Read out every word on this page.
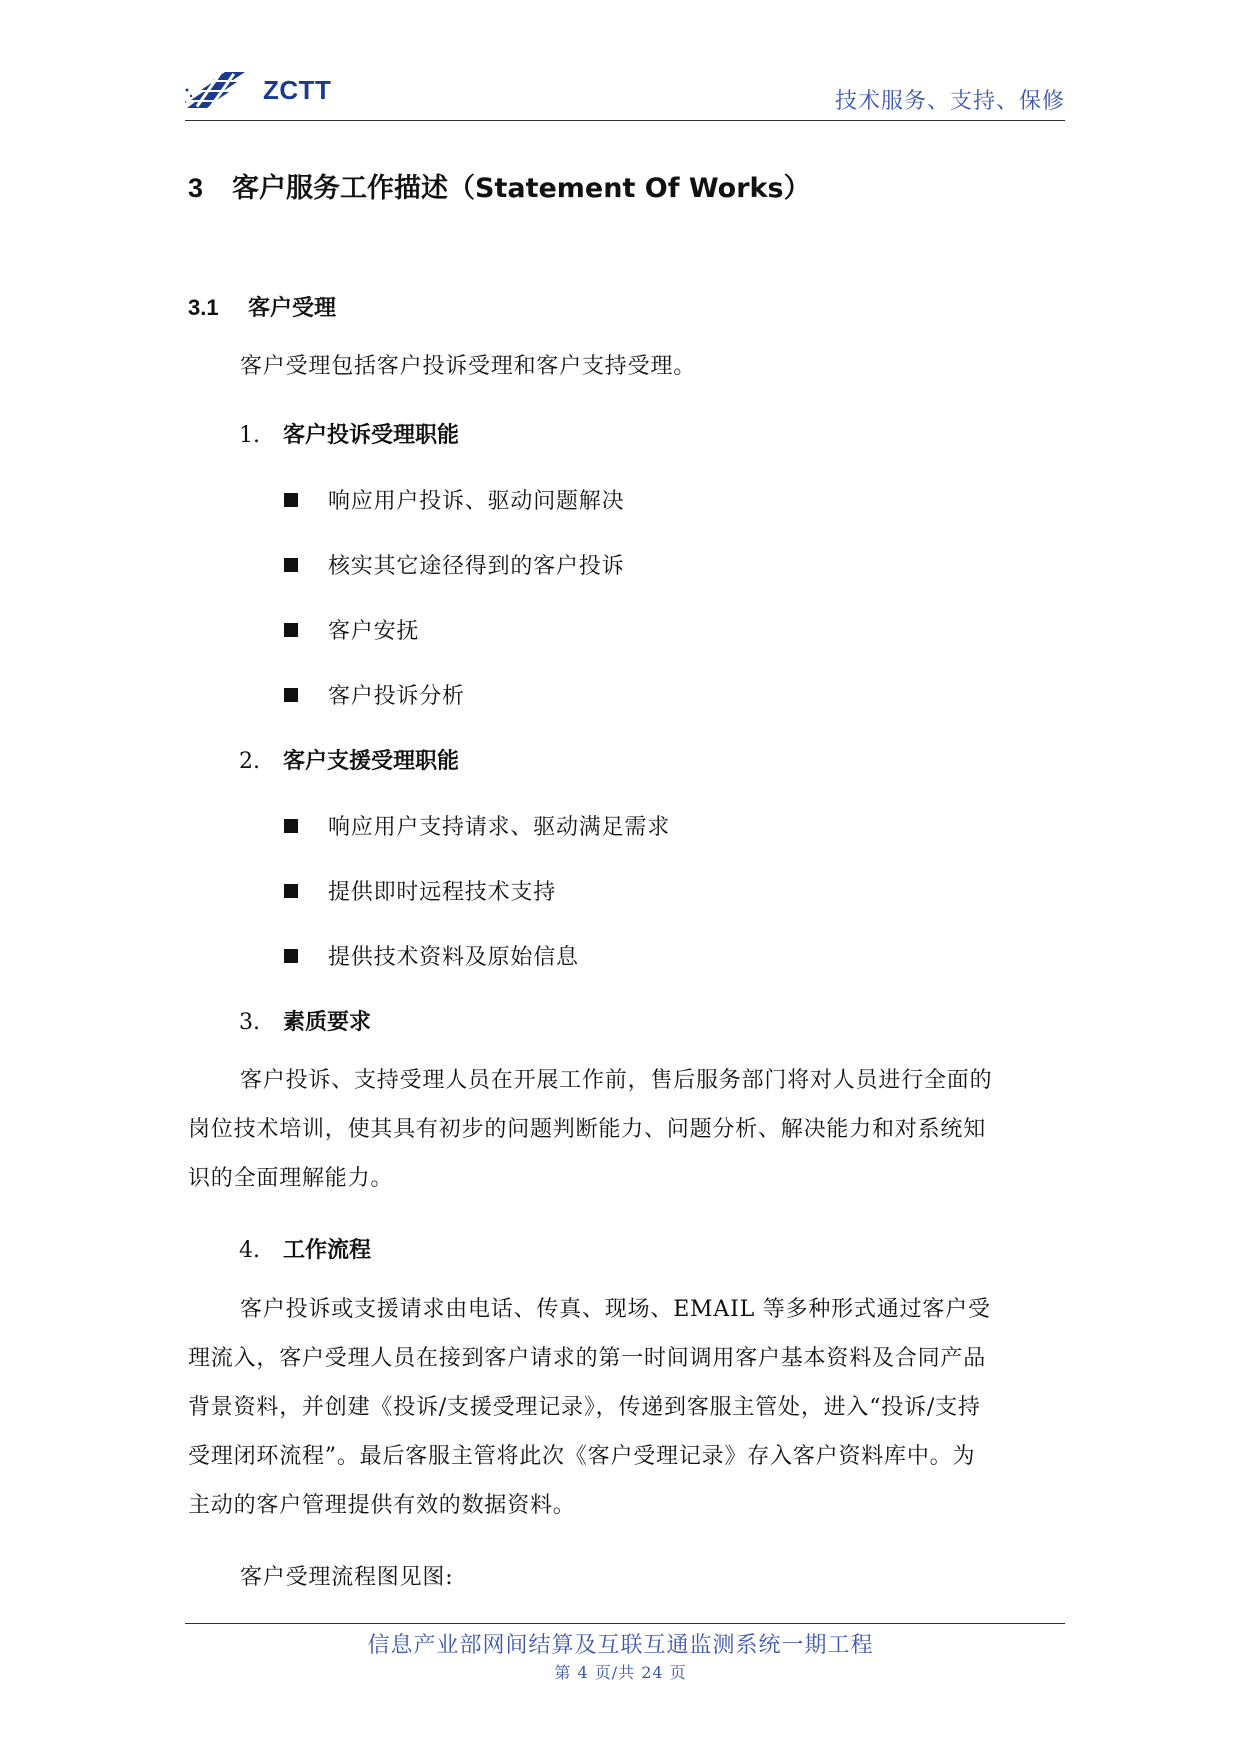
ZCTT	技术服务、支持、保修
3 客户服务工作描述（Statement Of Works）
3.1 客户受理
客户受理包括客户投诉受理和客户支持受理。
1. 客户投诉受理职能
响应用户投诉、驱动问题解决
核实其它途径得到的客户投诉
客户安抚
客户投诉分析
2. 客户支援受理职能
响应用户支持请求、驱动满足需求
提供即时远程技术支持
提供技术资料及原始信息
3. 素质要求
客户投诉、支持受理人员在开展工作前，售后服务部门将对人员进行全面的
岗位技术培训，使其具有初步的问题判断能力、问题分析、解决能力和对系统知
识的全面理解能力。
4. 工作流程
客户投诉或支援请求由电话、传真、现场、EMAIL 等多种形式通过客户受
理流入，客户受理人员在接到客户请求的第一时间调用客户基本资料及合同产品
背景资料，并创建《投诉/支援受理记录》，传递到客服主管处，进入“投诉/支持
受理闭环流程”。最后客服主管将此次《客户受理记录》存入客户资料库中。为
主动的客户管理提供有效的数据资料。
客户受理流程图见图:
信息产业部网间结算及互联互通监测系统一期工程
第 4 页/共 24 页
